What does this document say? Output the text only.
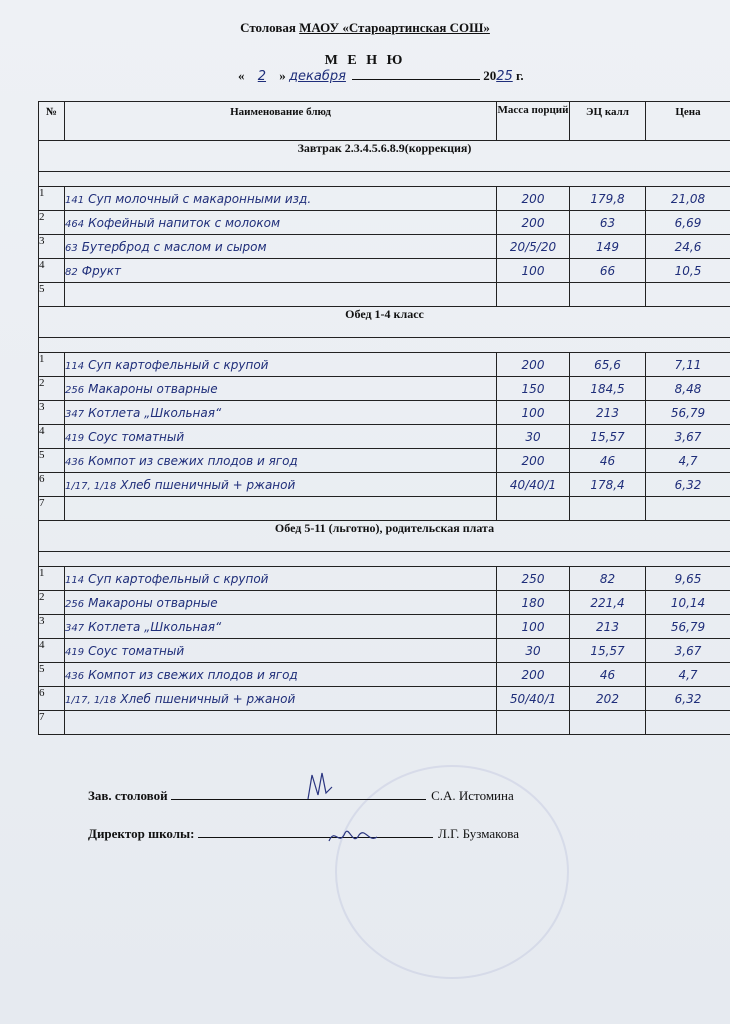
Столовая МАОУ «Староартинская СОШ»
М Е Н Ю
« 2 » декабря	2025 г.
№	Наименование блюд	Масса порций	ЭЦ калл	Цена
Завтрак 2.3.4.5.6.8.9(коррекция)				

1	141 Суп молочный с макаронными изд.	200	179,8	21,08
2	464 Кофейный напиток с молоком	200	63	6,69
3	63 Бутерброд с маслом и сыром	20/5/20	149	24,6
4	82 Фрукт	100	66	10,5
5				
Обед 1-4 класс				

1	114 Суп картофельный с крупой	200	65,6	7,11
2	256 Макароны отварные	150	184,5	8,48
3	347 Котлета „Школьная“	100	213	56,79
4	419 Соус томатный	30	15,57	3,67
5	436 Компот из свежих плодов и ягод	200	46	4,7
6	1/17, 1/18 Хлеб пшеничный + ржаной	40/40/1	178,4	6,32
7				
Обед 5-11 (льготно), родительская плата				

1	114 Суп картофельный с крупой	250	82	9,65
2	256 Макароны отварные	180	221,4	10,14
3	347 Котлета „Школьная“	100	213	56,79
4	419 Соус томатный	30	15,57	3,67
5	436 Компот из свежих плодов и ягод	200	46	4,7
6	1/17, 1/18 Хлеб пшеничный + ржаной	50/40/1	202	6,32
7				
Зав. столовой	С.А. Истомина
Директор школы:	Л.Г. Бузмакова
